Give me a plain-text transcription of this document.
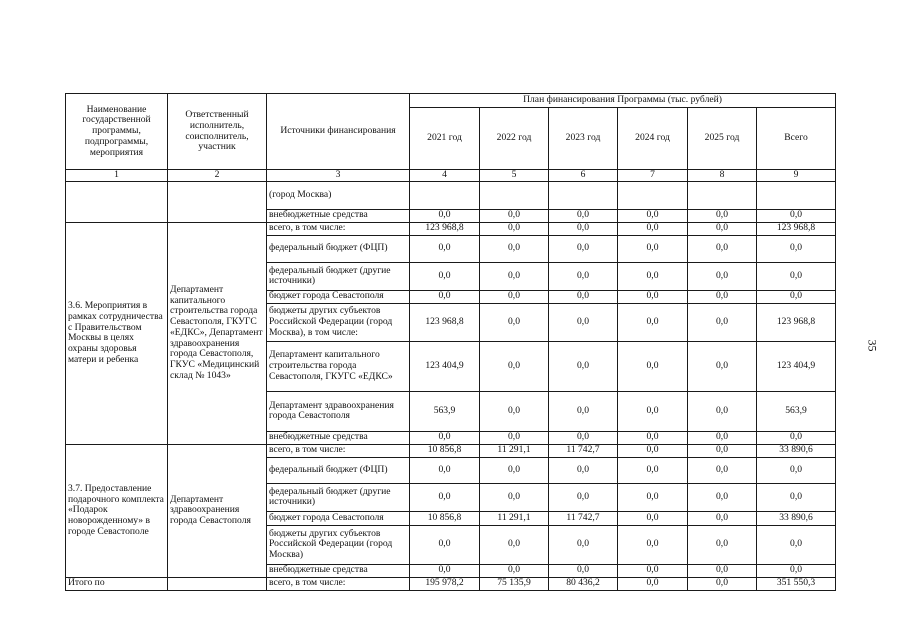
Наименование государственной программы, подпрограммы, мероприятия	Ответственный исполнитель, соисполнитель, участник	Источники финансирования	План финансирования Программы (тыс. рублей)					
			2021 год	2022 год	2023 год	2024 год	2025 год	Всего
1	2	3	4	5	6	7	8	9
		(город Москва)						
		внебюджетные средства	0,0	0,0	0,0	0,0	0,0	0,0
3.6. Мероприятия в рамках сотрудничества с Правительством Москвы в целях охраны здоровья матери и ребенка	Департамент капитального строительства города Севастополя, ГКУГС «ЕДКС», Департамент здравоохранения города Севастополя, ГКУС «Медицинский склад № 1043»	всего, в том числе:	123 968,8	0,0	0,0	0,0	0,0	123 968,8
		федеральный бюджет (ФЦП)	0,0	0,0	0,0	0,0	0,0	0,0
		федеральный бюджет (другие источники)	0,0	0,0	0,0	0,0	0,0	0,0
		бюджет города Севастополя	0,0	0,0	0,0	0,0	0,0	0,0
		бюджеты других субъектов Российской Федерации (город Москва), в том числе:	123 968,8	0,0	0,0	0,0	0,0	123 968,8
		Департамент капитального строительства города Севастополя, ГКУГС «ЕДКС»	123 404,9	0,0	0,0	0,0	0,0	123 404,9
		Департамент здравоохранения города Севастополя	563,9	0,0	0,0	0,0	0,0	563,9
		внебюджетные средства	0,0	0,0	0,0	0,0	0,0	0,0
3.7. Предоставление подарочного комплекта «Подарок новорожденному» в городе Севастополе	Департамент здравоохранения города Севастополя	всего, в том числе:	10 856,8	11 291,1	11 742,7	0,0	0,0	33 890,6
		федеральный бюджет (ФЦП)	0,0	0,0	0,0	0,0	0,0	0,0
		федеральный бюджет (другие источники)	0,0	0,0	0,0	0,0	0,0	0,0
		бюджет города Севастополя	10 856,8	11 291,1	11 742,7	0,0	0,0	33 890,6
		бюджеты других субъектов Российской Федерации (город Москва)	0,0	0,0	0,0	0,0	0,0	0,0
		внебюджетные средства	0,0	0,0	0,0	0,0	0,0	0,0
Итого по		всего, в том числе:	195 978,2	75 135,9	80 436,2	0,0	0,0	351 550,3
35
